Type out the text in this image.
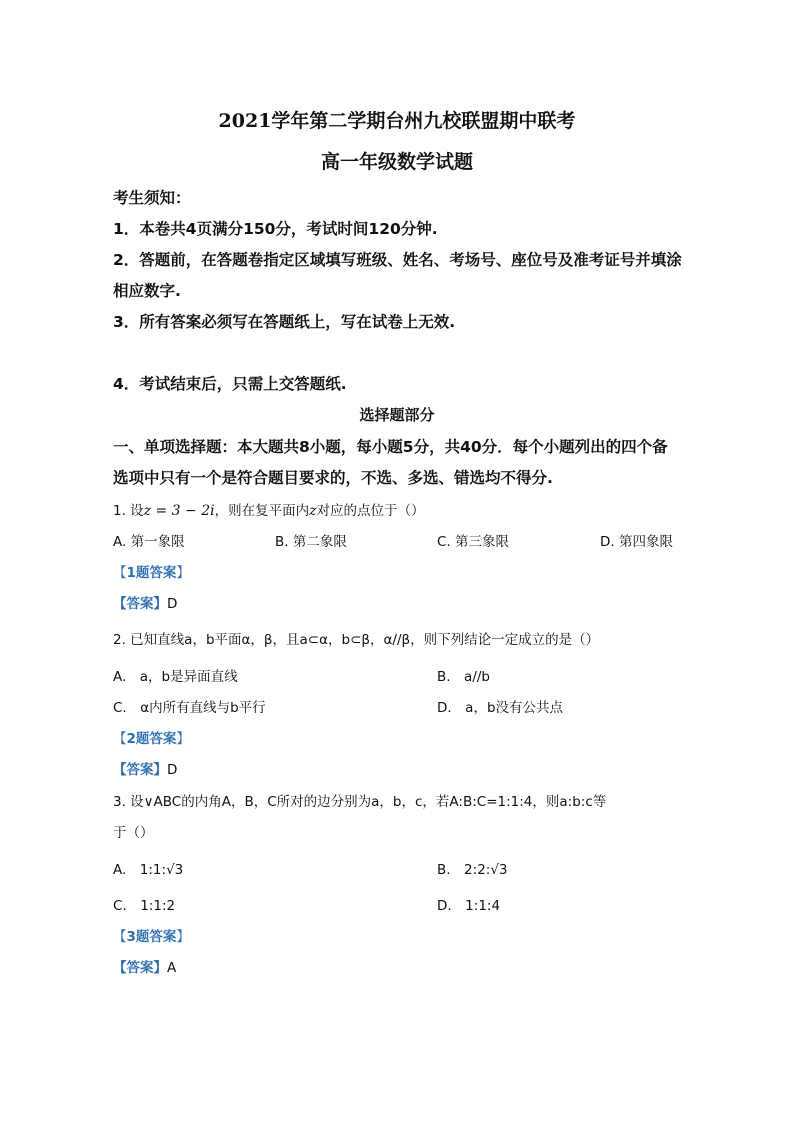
2021学年第二学期台州九校联盟期中联考
高一年级数学试题
考生须知：
1．本卷共4页满分150分，考试时间120分钟.
2．答题前，在答题卷指定区域填写班级、姓名、考场号、座位号及准考证号并填涂
相应数字.
3．所有答案必须写在答题纸上，写在试卷上无效.
4．考试结束后，只需上交答题纸.
选择题部分
一、单项选择题：本大题共8小题，每小题5分，共40分．每个小题列出的四个备
选项中只有一个是符合题目要求的，不选、多选、错选均不得分.
1. 设z = 3 − 2i，则在复平面内z对应的点位于（）
A. 第一象限	B. 第二象限	C. 第三象限	D. 第四象限
【1题答案】
【答案】D
2. 已知直线a，b平面α，β，且a⊂α，b⊂β，α//β，则下列结论一定成立的是（）
A.　a，b是异面直线	B.　a//b
C.　α内所有直线与b平行	D.　a，b没有公共点
【2题答案】
【答案】D
3. 设∨ABC的内角A，B，C所对的边分别为a，b，c，若A:B:C=1:1:4，则a:b:c等
于（）
A.　1:1:√3	B.　2:2:√3
C.　1:1:2	D.　1:1:4
【3题答案】
【答案】A
